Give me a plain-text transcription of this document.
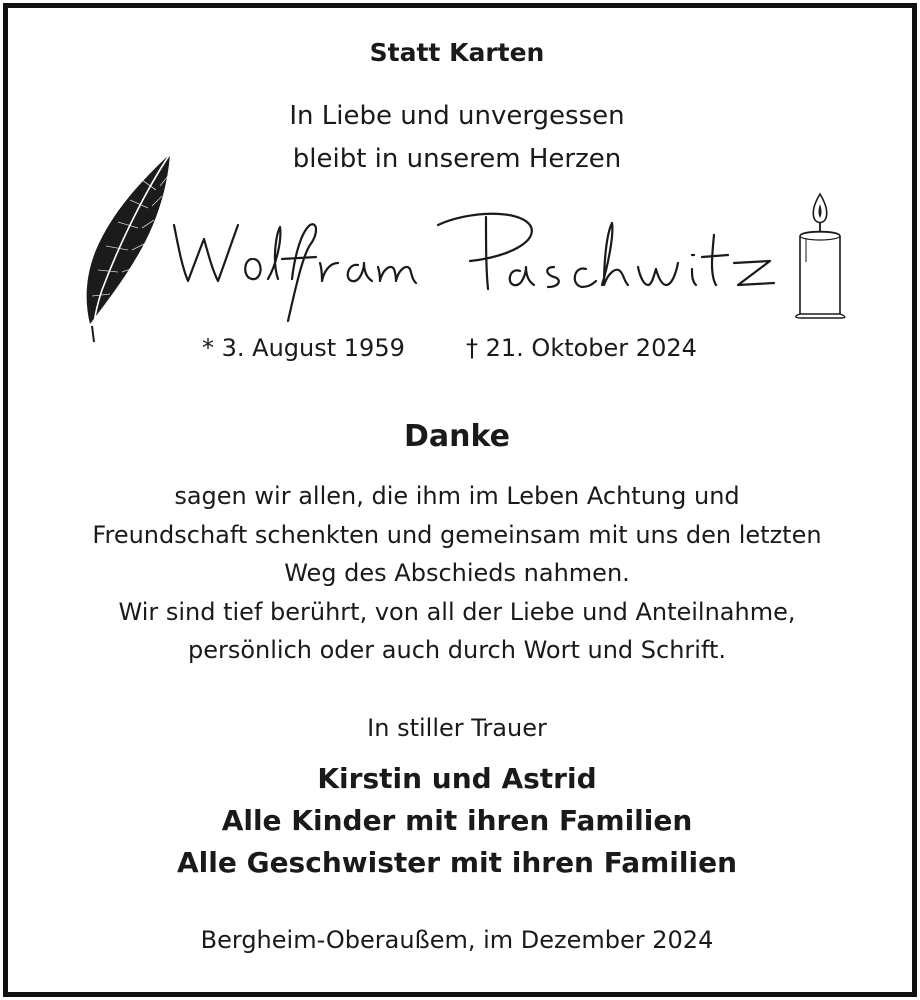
Statt Karten
In Liebe und unvergessen
bleibt in unserem Herzen
* 3. August 1959	† 21. Oktober 2024
Danke
sagen wir allen, die ihm im Leben Achtung und
Freundschaft schenkten und gemeinsam mit uns den letzten
Weg des Abschieds nahmen.
Wir sind tief berührt, von all der Liebe und Anteilnahme,
persönlich oder auch durch Wort und Schrift.
In stiller Trauer
Kirstin und Astrid
Alle Kinder mit ihren Familien
Alle Geschwister mit ihren Familien
Bergheim-Oberaußem, im Dezember 2024
